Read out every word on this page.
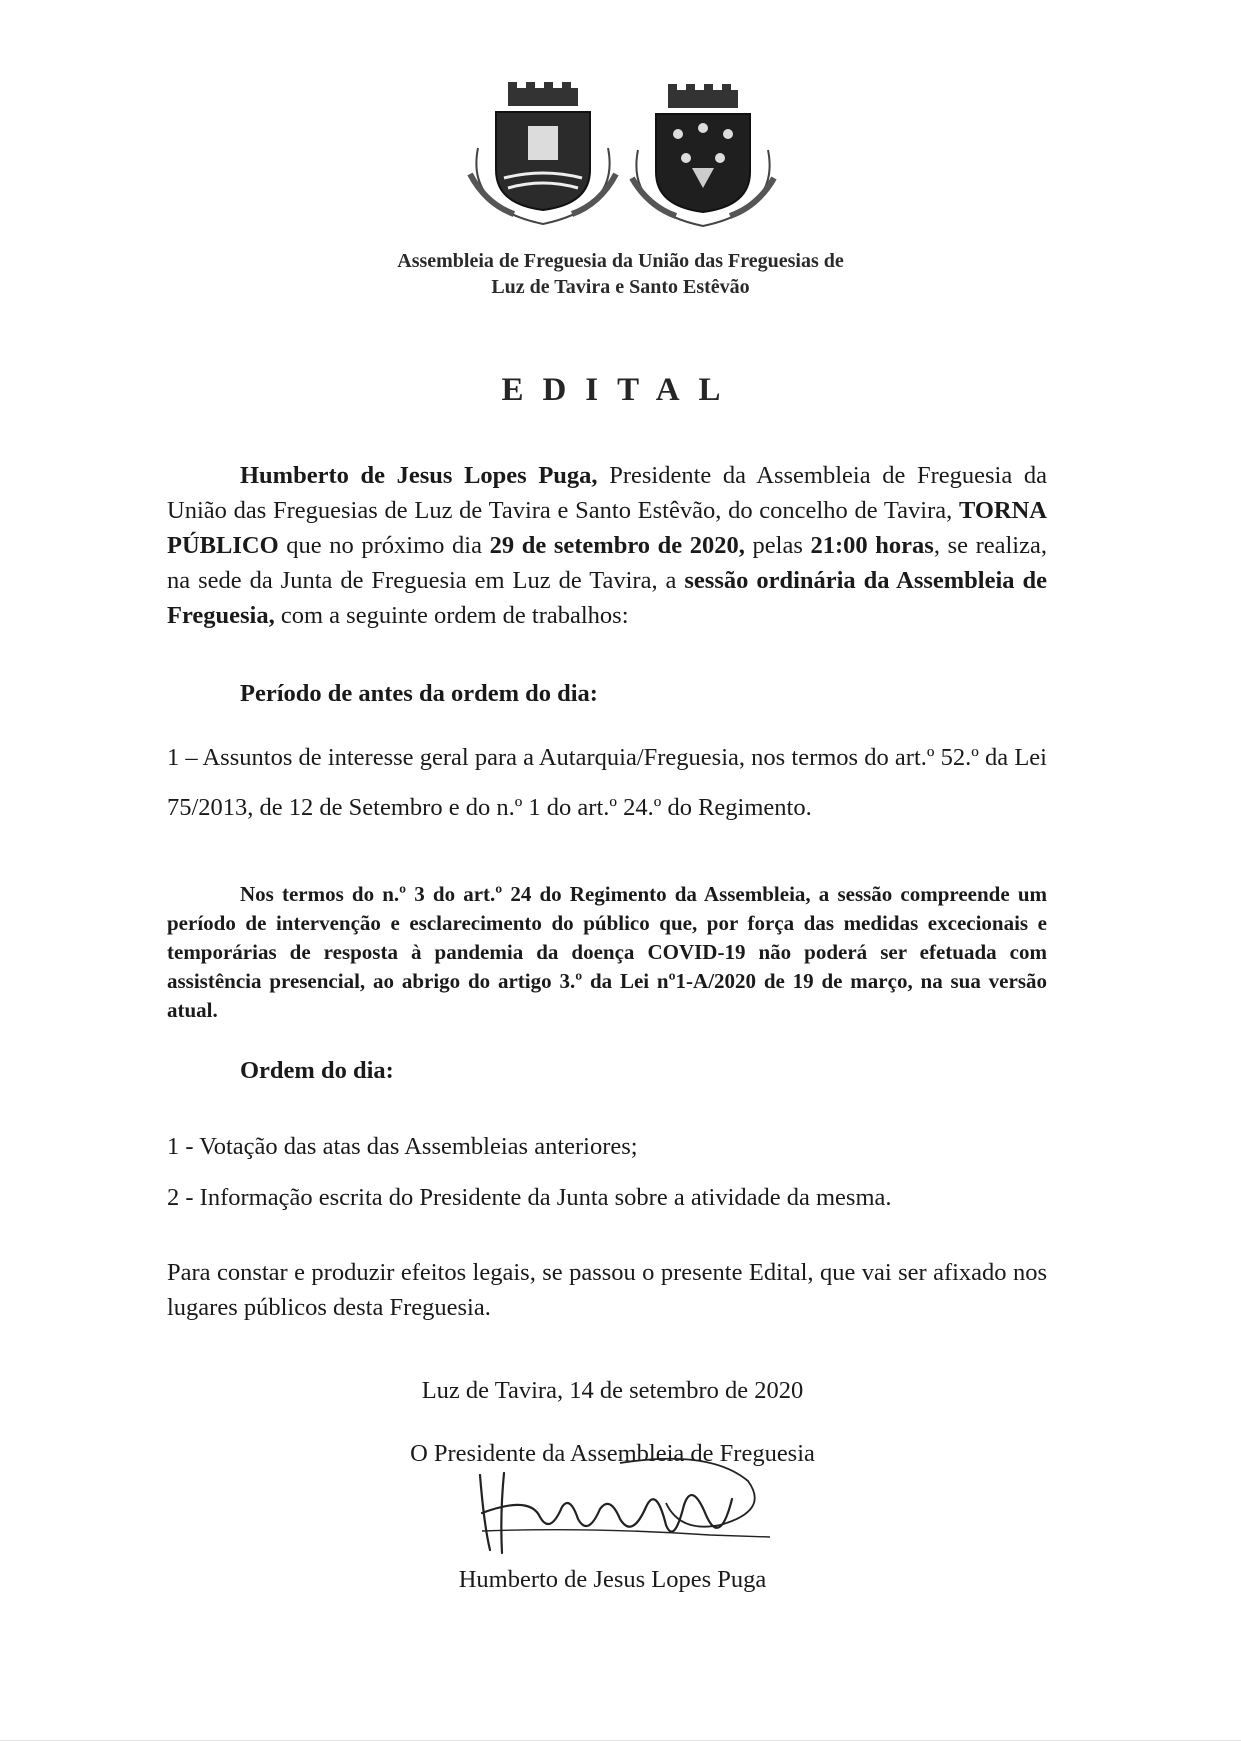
Assembleia de Freguesia da União das Freguesias de
Luz de Tavira e Santo Estêvão
EDITAL
Humberto de Jesus Lopes Puga, Presidente da Assembleia de Freguesia da União das Freguesias de Luz de Tavira e Santo Estêvão, do concelho de Tavira, TORNA PÚBLICO que no próximo dia 29 de setembro de 2020, pelas 21:00 horas, se realiza, na sede da Junta de Freguesia em Luz de Tavira, a sessão ordinária da Assembleia de Freguesia, com a seguinte ordem de trabalhos:
Período de antes da ordem do dia:
1 – Assuntos de interesse geral para a Autarquia/Freguesia, nos termos do art.º 52.º da Lei 75/2013, de 12 de Setembro e do n.º 1 do art.º 24.º do Regimento.
Nos termos do n.º 3 do art.º 24 do Regimento da Assembleia, a sessão compreende um período de intervenção e esclarecimento do público que, por força das medidas excecionais e temporárias de resposta à pandemia da doença COVID-19 não poderá ser efetuada com assistência presencial, ao abrigo do artigo 3.º da Lei nº1-A/2020 de 19 de março, na sua versão atual.
Ordem do dia:
1 - Votação das atas das Assembleias anteriores;
2 - Informação escrita do Presidente da Junta sobre a atividade da mesma.
Para constar e produzir efeitos legais, se passou o presente Edital, que vai ser afixado nos lugares públicos desta Freguesia.
Luz de Tavira, 14 de setembro de 2020
O Presidente da Assembleia de Freguesia
Humberto de Jesus Lopes Puga
